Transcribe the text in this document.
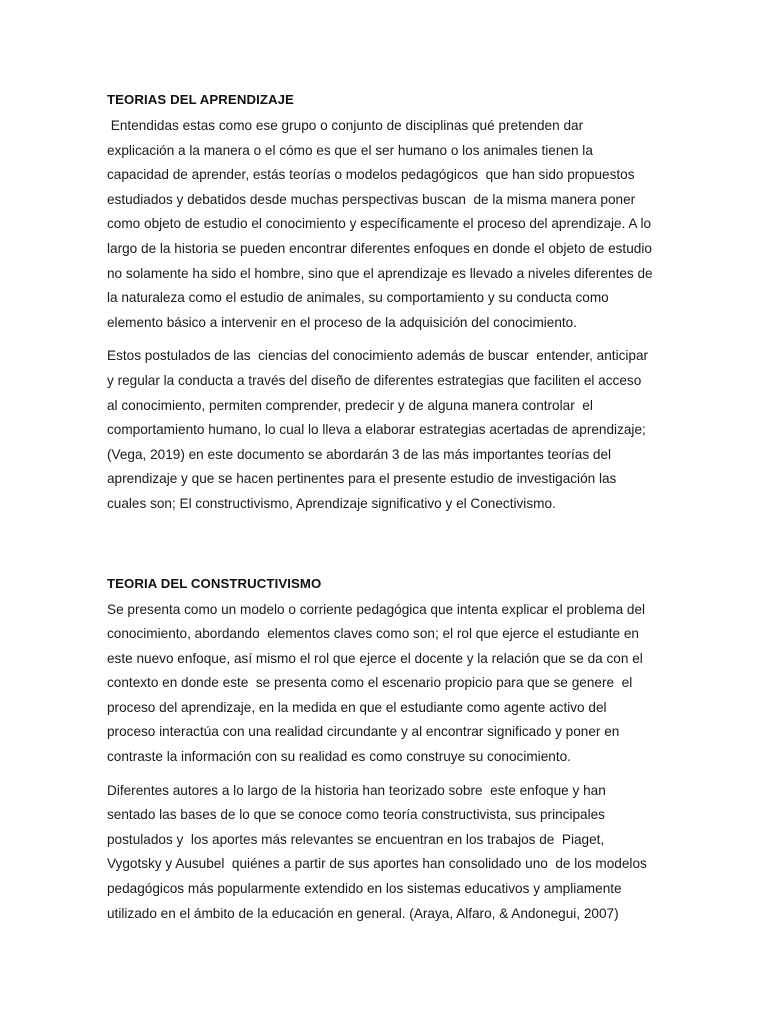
TEORIAS DEL APRENDIZAJE

Entendidas estas como ese grupo o conjunto de disciplinas qué pretenden dar
explicación a la manera o el cómo es que el ser humano o los animales tienen la
capacidad de aprender, estás teorías o modelos pedagógicos  que han sido propuestos
estudiados y debatidos desde muchas perspectivas buscan  de la misma manera poner
como objeto de estudio el conocimiento y específicamente el proceso del aprendizaje. A lo
largo de la historia se pueden encontrar diferentes enfoques en donde el objeto de estudio
no solamente ha sido el hombre, sino que el aprendizaje es llevado a niveles diferentes de
la naturaleza como el estudio de animales, su comportamiento y su conducta como
elemento básico a intervenir en el proceso de la adquisición del conocimiento.

Estos postulados de las  ciencias del conocimiento además de buscar  entender, anticipar
y regular la conducta a través del diseño de diferentes estrategias que faciliten el acceso
al conocimiento, permiten comprender, predecir y de alguna manera controlar  el
comportamiento humano, lo cual lo lleva a elaborar estrategias acertadas de aprendizaje;
(Vega, 2019) en este documento se abordarán 3 de las más importantes teorías del
aprendizaje y que se hacen pertinentes para el presente estudio de investigación las
cuales son; El constructivismo, Aprendizaje significativo y el Conectivismo.

TEORIA DEL CONSTRUCTIVISMO

Se presenta como un modelo o corriente pedagógica que intenta explicar el problema del
conocimiento, abordando  elementos claves como son; el rol que ejerce el estudiante en
este nuevo enfoque, así mismo el rol que ejerce el docente y la relación que se da con el
contexto en donde este  se presenta como el escenario propicio para que se genere  el
proceso del aprendizaje, en la medida en que el estudiante como agente activo del
proceso interactúa con una realidad circundante y al encontrar significado y poner en
contraste la información con su realidad es como construye su conocimiento.

Diferentes autores a lo largo de la historia han teorizado sobre  este enfoque y han
sentado las bases de lo que se conoce como teoría constructivista, sus principales
postulados y  los aportes más relevantes se encuentran en los trabajos de  Piaget,
Vygotsky y Ausubel  quiénes a partir de sus aportes han consolidado uno  de los modelos
pedagógicos más popularmente extendido en los sistemas educativos y ampliamente
utilizado en el ámbito de la educación en general. (Araya, Alfaro, & Andonegui, 2007)
